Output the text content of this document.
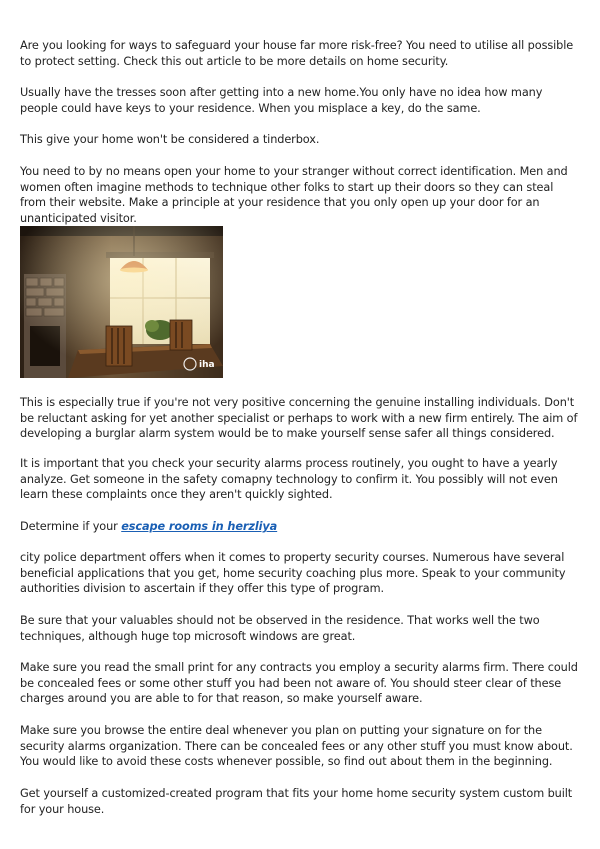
Are you looking for ways to safeguard your house far more risk-free? You need to utilise all possible to protect setting. Check this out article to be more details on home security.

Usually have the tresses soon after getting into a new home.You only have no idea how many people could have keys to your residence. When you misplace a key, do the same.

This give your home won't be considered a tinderbox.

You need to by no means open your home to your stranger without correct identification. Men and women often imagine methods to technique other folks to start up their doors so they can steal from their website. Make a principle at your residence that you only open up your door for an unanticipated visitor.

iha

This is especially true if you're not very positive concerning the genuine installing individuals. Don't be reluctant asking for yet another specialist or perhaps to work with a new firm entirely. The aim of developing a burglar alarm system would be to make yourself sense safer all things considered.

It is important that you check your security alarms process routinely, you ought to have a yearly analyze. Get someone in the safety comapny technology to confirm it. You possibly will not even learn these complaints once they aren't quickly sighted.

Determine if your escape rooms in herzliya

city police department offers when it comes to property security courses. Numerous have several beneficial applications that you get, home security coaching plus more. Speak to your community authorities division to ascertain if they offer this type of program.

Be sure that your valuables should not be observed in the residence. That works well the two techniques, although huge top microsoft windows are great.

Make sure you read the small print for any contracts you employ a security alarms firm. There could be concealed fees or some other stuff you had been not aware of. You should steer clear of these charges around you are able to for that reason, so make yourself aware.

Make sure you browse the entire deal whenever you plan on putting your signature on for the security alarms organization. There can be concealed fees or any other stuff you must know about. You would like to avoid these costs whenever possible, so find out about them in the beginning.

Get yourself a customized-created program that fits your home home security system custom built for your house.
